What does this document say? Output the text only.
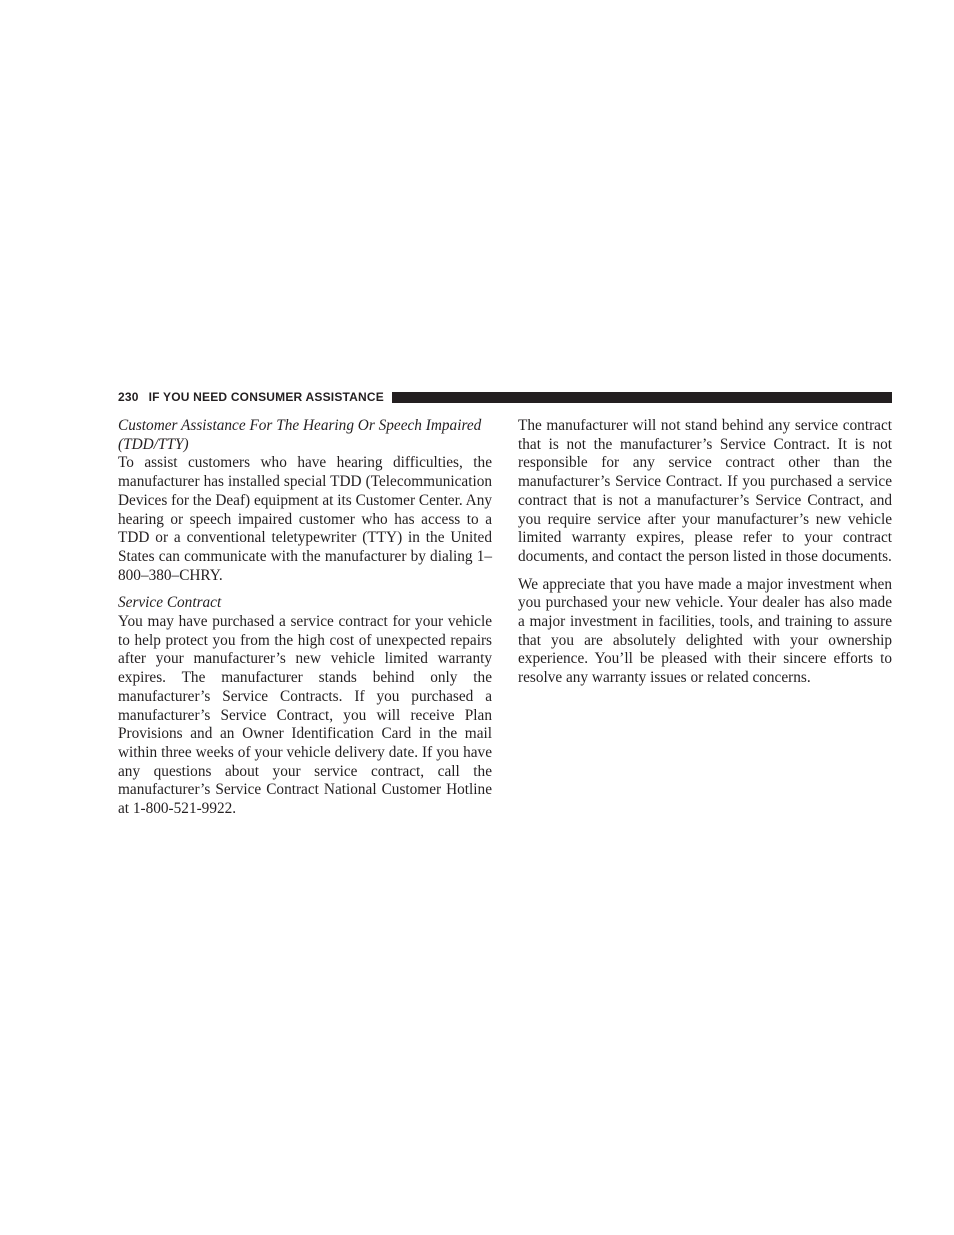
230 IF YOU NEED CONSUMER ASSISTANCE

Customer Assistance For The Hearing Or Speech Impaired (TDD/TTY)

To assist customers who have hearing difficulties, the manufacturer has installed special TDD (Telecommunication Devices for the Deaf) equipment at its Customer Center. Any hearing or speech impaired customer who has access to a TDD or a conventional teletypewriter (TTY) in the United States can communicate with the manufacturer by dialing 1–800–380–CHRY.

Service Contract

You may have purchased a service contract for your vehicle to help protect you from the high cost of unexpected repairs after your manufacturer’s new vehicle limited warranty expires. The manufacturer stands behind only the manufacturer’s Service Contracts. If you purchased a manufacturer’s Service Contract, you will receive Plan Provisions and an Owner Identification Card in the mail within three weeks of your vehicle delivery date. If you have any questions about your service contract, call the manufacturer’s Service Contract National Customer Hotline at 1-800-521-9922.

The manufacturer will not stand behind any service contract that is not the manufacturer’s Service Contract. It is not responsible for any service contract other than the manufacturer’s Service Contract. If you purchased a service contract that is not a manufacturer’s Service Contract, and you require service after your manufacturer’s new vehicle limited warranty expires, please refer to your contract documents, and contact the person listed in those documents.

We appreciate that you have made a major investment when you purchased your new vehicle. Your dealer has also made a major investment in facilities, tools, and training to assure that you are absolutely delighted with your ownership experience. You’ll be pleased with their sincere efforts to resolve any warranty issues or related concerns.
